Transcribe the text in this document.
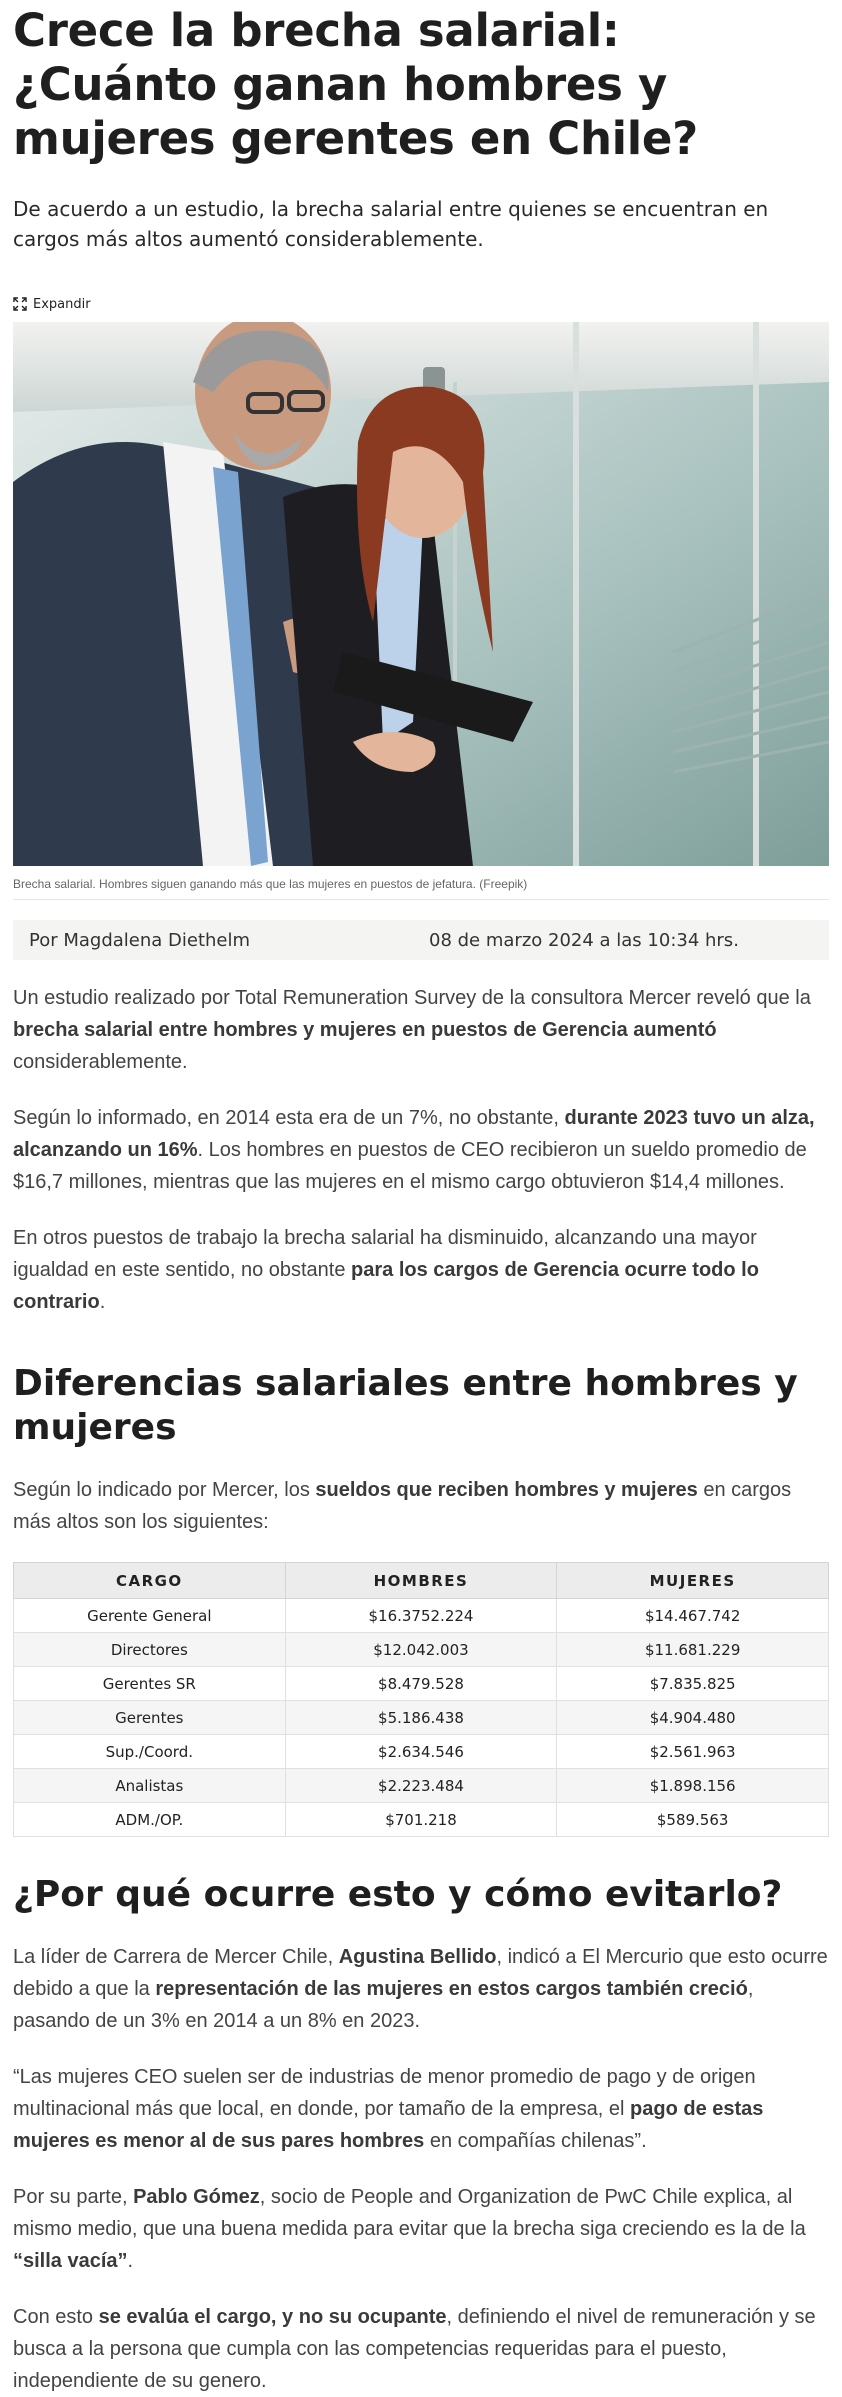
Crece la brecha salarial: ¿Cuánto ganan hombres y mujeres gerentes en Chile?

De acuerdo a un estudio, la brecha salarial entre quienes se encuentran en cargos más altos aumentó considerablemente.

Expandir

Brecha salarial. Hombres siguen ganando más que las mujeres en puestos de jefatura. (Freepik)

Por Magdalena Diethelm	08 de marzo 2024 a las 10:34 hrs.

Un estudio realizado por Total Remuneration Survey de la consultora Mercer reveló que la brecha salarial entre hombres y mujeres en puestos de Gerencia aumentó considerablemente.

Según lo informado, en 2014 esta era de un 7%, no obstante, durante 2023 tuvo un alza, alcanzando un 16%. Los hombres en puestos de CEO recibieron un sueldo promedio de $16,7 millones, mientras que las mujeres en el mismo cargo obtuvieron $14,4 millones.

En otros puestos de trabajo la brecha salarial ha disminuido, alcanzando una mayor igualdad en este sentido, no obstante para los cargos de Gerencia ocurre todo lo contrario.

Diferencias salariales entre hombres y mujeres

Según lo indicado por Mercer, los sueldos que reciben hombres y mujeres en cargos más altos son los siguientes:

CARGO	HOMBRES	MUJERES
Gerente General	$16.3752.224	$14.467.742
Directores	$12.042.003	$11.681.229
Gerentes SR	$8.479.528	$7.835.825
Gerentes	$5.186.438	$4.904.480
Sup./Coord.	$2.634.546	$2.561.963
Analistas	$2.223.484	$1.898.156
ADM./OP.	$701.218	$589.563
¿Por qué ocurre esto y cómo evitarlo?

La líder de Carrera de Mercer Chile, Agustina Bellido, indicó a El Mercurio que esto ocurre debido a que la representación de las mujeres en estos cargos también creció, pasando de un 3% en 2014 a un 8% en 2023.

“Las mujeres CEO suelen ser de industrias de menor promedio de pago y de origen multinacional más que local, en donde, por tamaño de la empresa, el pago de estas mujeres es menor al de sus pares hombres en compañías chilenas”.

Por su parte, Pablo Gómez, socio de People and Organization de PwC Chile explica, al mismo medio, que una buena medida para evitar que la brecha siga creciendo es la de la “silla vacía”.

Con esto se evalúa el cargo, y no su ocupante, definiendo el nivel de remuneración y se busca a la persona que cumpla con las competencias requeridas para el puesto, independiente de su genero.
